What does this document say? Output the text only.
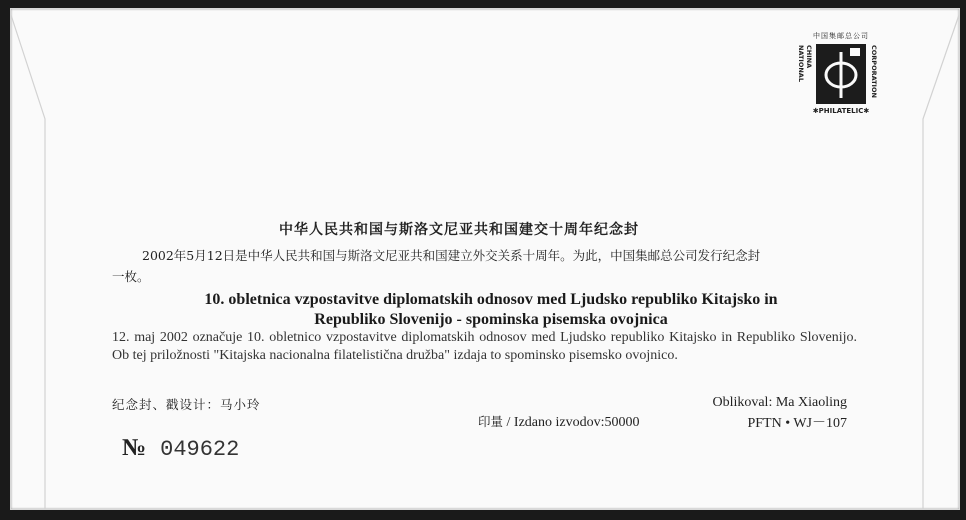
中国集邮总公司
CHINA NATIONAL	CORPORATION
✱PHILATELIC✱
中华人民共和国与斯洛文尼亚共和国建交十周年纪念封
2002年5月12日是中华人民共和国与斯洛文尼亚共和国建立外交关系十周年。为此，中国集邮总公司发行纪念封
一枚。
10. obletnica vzpostavitve diplomatskih odnosov med Ljudsko republiko Kitajsko in
Republiko Slovenijo - spominska pisemska ovojnica
12. maj 2002 označuje 10. obletnico vzpostavitve diplomatskih odnosov med Ljudsko republiko Kitajsko in Republiko Slovenijo. Ob tej priložnosti "Kitajska nacionalna filatelistična družba" izdaja to spominsko pisemsko ovojnico.
纪念封、戳设计：马小玲	Oblikoval: Ma Xiaoling
印量 / Izdano izvodov:50000	PFTN • WJ－107
№ 049622
